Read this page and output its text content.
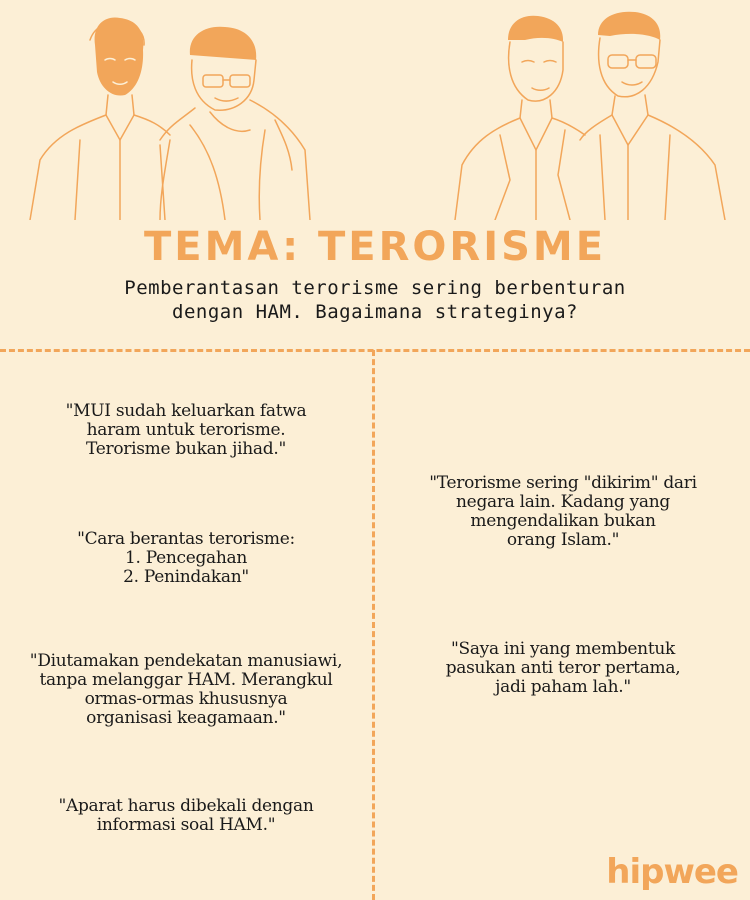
TEMA: TERORISME
Pemberantasan terorisme sering berbenturan
dengan HAM. Bagaimana strateginya?
"MUI sudah keluarkan fatwa
haram untuk terorisme.
Terorisme bukan jihad."
"Cara berantas terorisme:
1. Pencegahan
2. Penindakan"
"Diutamakan pendekatan manusiawi,
tanpa melanggar HAM. Merangkul
ormas-ormas khususnya
organisasi keagamaan."
"Aparat harus dibekali dengan
informasi soal HAM."
"Terorisme sering "dikirim" dari
negara lain. Kadang yang
mengendalikan bukan
orang Islam."
"Saya ini yang membentuk
pasukan anti teror pertama,
jadi paham lah."
hipwee
